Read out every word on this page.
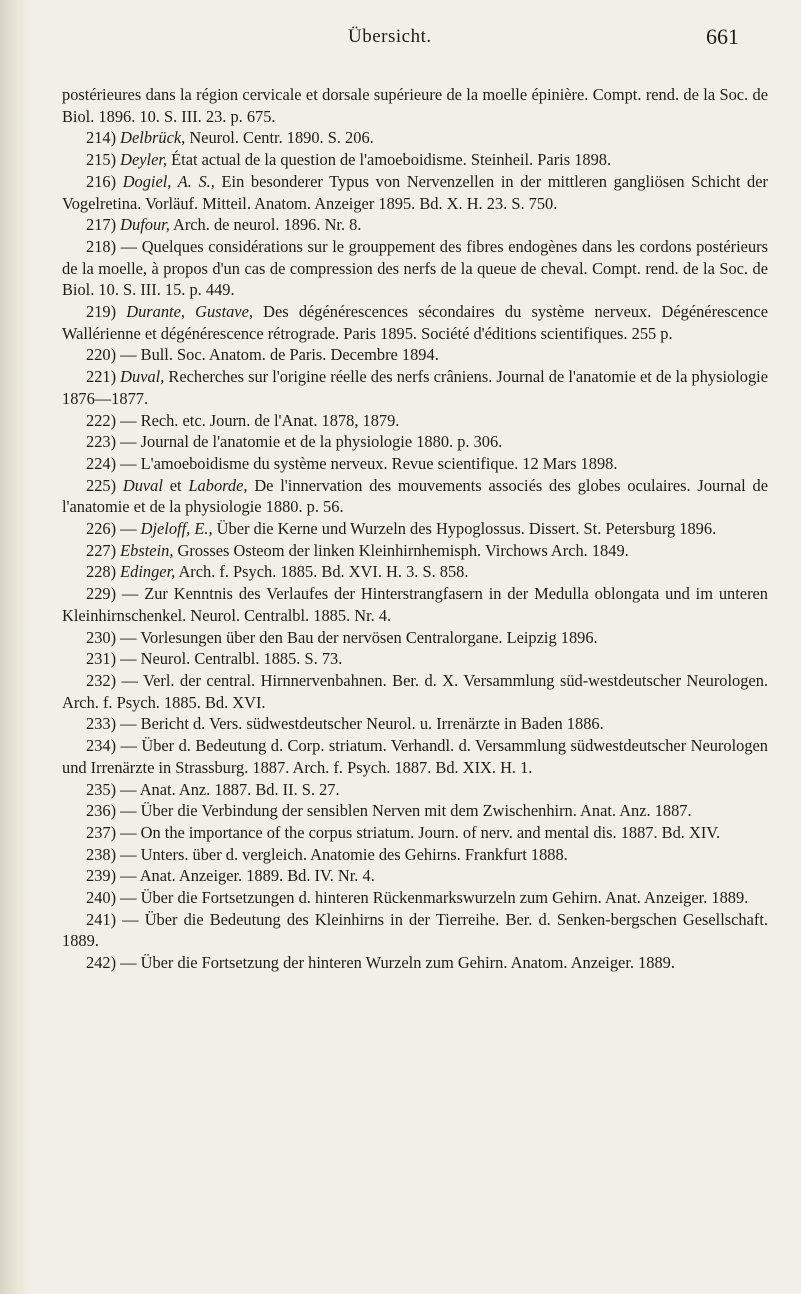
Übersicht.	661

postérieures dans la région cervicale et dorsale supérieure de la moelle épinière. Compt. rend. de la Soc. de Biol. 1896. 10. S. III. 23. p. 675.

214) Delbrück, Neurol. Centr. 1890. S. 206.

215) Deyler, État actual de la question de l'amoeboidisme. Steinheil. Paris 1898.

216) Dogiel, A. S., Ein besonderer Typus von Nervenzellen in der mittleren gangliösen Schicht der Vogelretina. Vorläuf. Mitteil. Anatom. Anzeiger 1895. Bd. X. H. 23. S. 750.

217) Dufour, Arch. de neurol. 1896. Nr. 8.

218) — Quelques considérations sur le grouppement des fibres endogènes dans les cordons postérieurs de la moelle, à propos d'un cas de compression des nerfs de la queue de cheval. Compt. rend. de la Soc. de Biol. 10. S. III. 15. p. 449.

219) Durante, Gustave, Des dégénérescences sécondaires du système nerveux. Dégénérescence Wallérienne et dégénérescence rétrograde. Paris 1895. Société d'éditions scientifiques. 255 p.

220) — Bull. Soc. Anatom. de Paris. Decembre 1894.

221) Duval, Recherches sur l'origine réelle des nerfs crâniens. Journal de l'anatomie et de la physiologie 1876—1877.

222) — Rech. etc. Journ. de l'Anat. 1878, 1879.

223) — Journal de l'anatomie et de la physiologie 1880. p. 306.

224) — L'amoeboidisme du système nerveux. Revue scientifique. 12 Mars 1898.

225) Duval et Laborde, De l'innervation des mouvements associés des globes oculaires. Journal de l'anatomie et de la physiologie 1880. p. 56.

226) — Djeloff, E., Über die Kerne und Wurzeln des Hypoglossus. Dissert. St. Petersburg 1896.

227) Ebstein, Grosses Osteom der linken Kleinhirnhemisph. Virchows Arch. 1849.

228) Edinger, Arch. f. Psych. 1885. Bd. XVI. H. 3. S. 858.

229) — Zur Kenntnis des Verlaufes der Hinterstrangfasern in der Medulla oblongata und im unteren Kleinhirnschenkel. Neurol. Centralbl. 1885. Nr. 4.

230) — Vorlesungen über den Bau der nervösen Centralorgane. Leipzig 1896.

231) — Neurol. Centralbl. 1885. S. 73.

232) — Verl. der central. Hirnnervenbahnen. Ber. d. X. Versammlung süd-westdeutscher Neurologen. Arch. f. Psych. 1885. Bd. XVI.

233) — Bericht d. Vers. südwestdeutscher Neurol. u. Irrenärzte in Baden 1886.

234) — Über d. Bedeutung d. Corp. striatum. Verhandl. d. Versammlung südwestdeutscher Neurologen und Irrenärzte in Strassburg. 1887. Arch. f. Psych. 1887. Bd. XIX. H. 1.

235) — Anat. Anz. 1887. Bd. II. S. 27.

236) — Über die Verbindung der sensiblen Nerven mit dem Zwischenhirn. Anat. Anz. 1887.

237) — On the importance of the corpus striatum. Journ. of nerv. and mental dis. 1887. Bd. XIV.

238) — Unters. über d. vergleich. Anatomie des Gehirns. Frankfurt 1888.

239) — Anat. Anzeiger. 1889. Bd. IV. Nr. 4.

240) — Über die Fortsetzungen d. hinteren Rückenmarkswurzeln zum Gehirn. Anat. Anzeiger. 1889.

241) — Über die Bedeutung des Kleinhirns in der Tierreihe. Ber. d. Senken-bergschen Gesellschaft. 1889.

242) — Über die Fortsetzung der hinteren Wurzeln zum Gehirn. Anatom. Anzeiger. 1889.
